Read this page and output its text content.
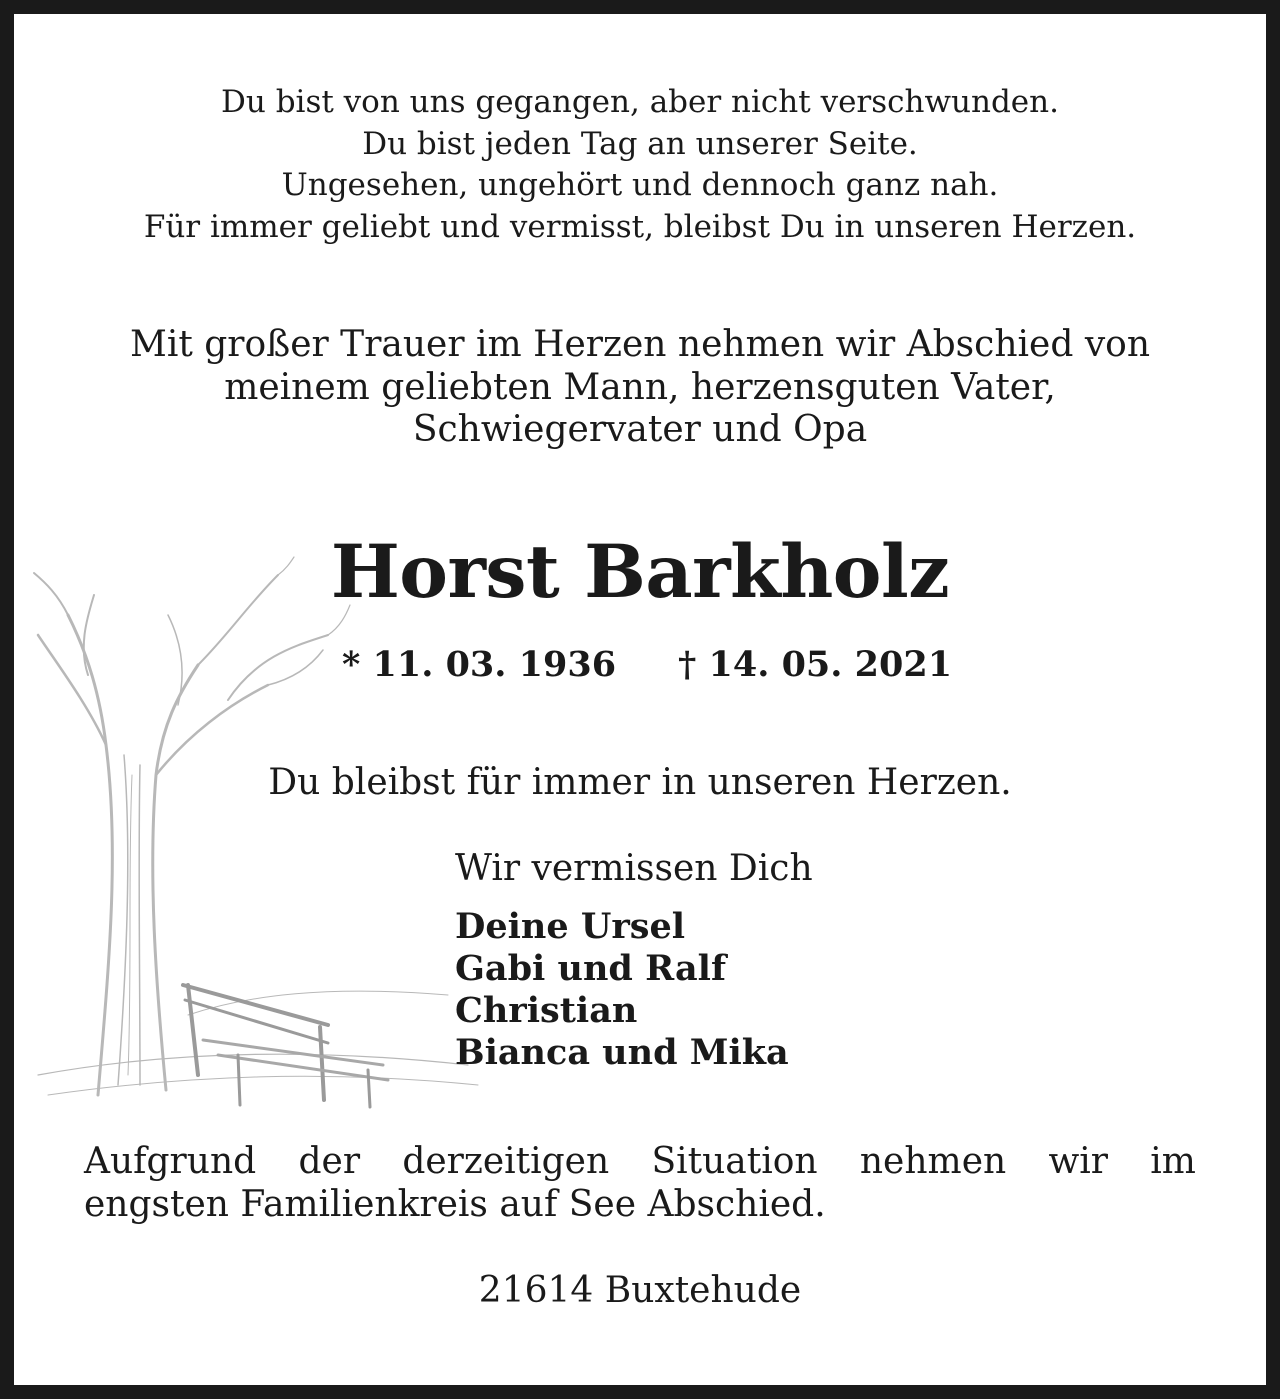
Du bist von uns gegangen, aber nicht verschwunden.
Du bist jeden Tag an unserer Seite.
Ungesehen, ungehört und dennoch ganz nah.
Für immer geliebt und vermisst, bleibst Du in unseren Herzen.
Mit großer Trauer im Herzen nehmen wir Abschied von
meinem geliebten Mann, herzensguten Vater,
Schwiegervater und Opa
Horst Barkholz
* 11. 03. 1936 † 14. 05. 2021
Du bleibst für immer in unseren Herzen.
Wir vermissen Dich
Deine Ursel
Gabi und Ralf
Christian
Bianca und Mika
Aufgrund der derzeitigen Situation nehmen wir im
engsten Familienkreis auf See Abschied.
21614 Buxtehude
